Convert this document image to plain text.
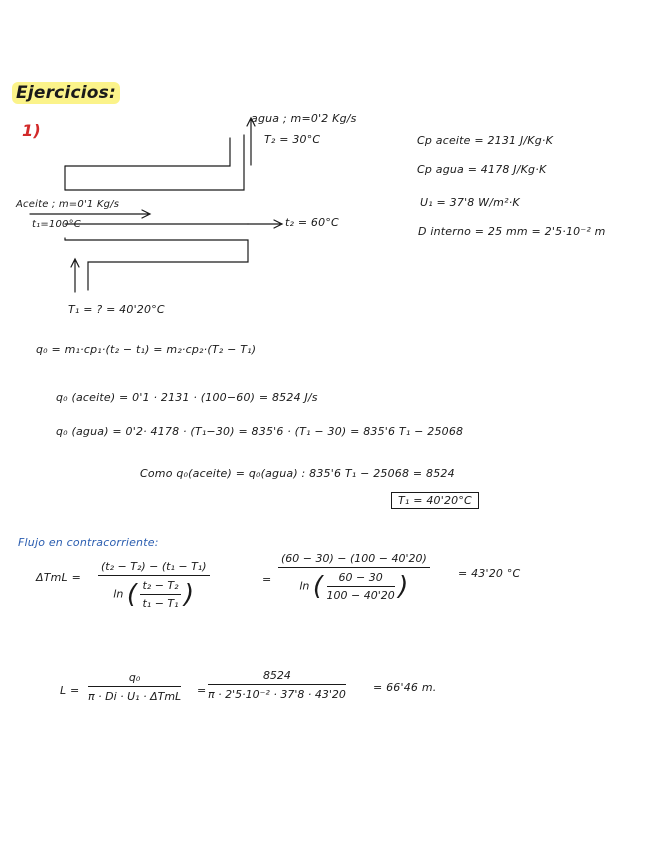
Ejercicios:
1)
agua ; m=0'2 Kg/s
T₂ = 30°C
Aceite ; m=0'1 Kg/s
t₁=100°C	t₂ = 60°C
T₁ = ? = 40'20°C
Cp aceite = 2131 J/Kg·K
Cp agua = 4178 J/Kg·K
U₁ = 37'8 W/m²·K
D interno = 25 mm = 2'5·10⁻² m
q₀ = m₁·cp₁·(t₂ − t₁) = m₂·cp₂·(T₂ − T₁)
q₀ (aceite) = 0'1 · 2131 · (100−60) = 8524 J/s
q₀ (agua) = 0'2· 4178 · (T₁−30) = 835'6 · (T₁ − 30) = 835'6 T₁ − 25068
Como q₀(aceite) = q₀(agua) : 835'6 T₁ − 25068 = 8524
T₁ = 40'20°C
Flujo en contracorriente:
ΔTmL =
(t₂ − T₂) − (t₁ − T₁)
ln ( $\frac{\text{t₂ − T₂}}{\text{t₁ − T₁}}$ )	=
(60 − 30) − (100 − 40'20)
ln ( $\frac{60 - 30}{100 - 40'20}$ )	= 43'20 °C
L =
q₀
$\pi \cdot Di \cdot U_1 \cdot \Delta TmL = \frac{8524}{\text{π · 2'5·10⁻² · 37'8 · 43'20}} = 66'46$ m.
